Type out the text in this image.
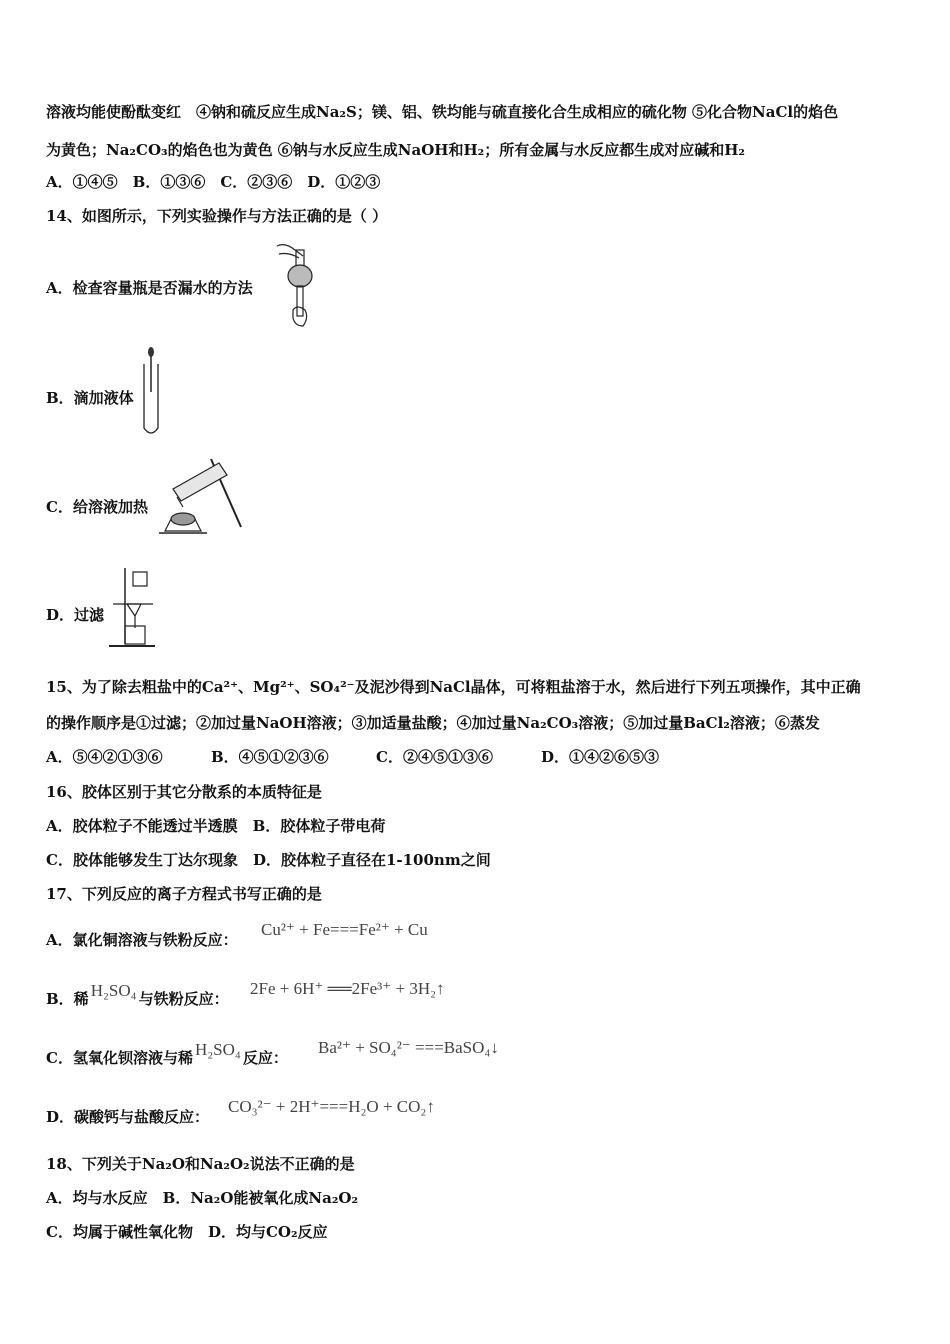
溶液均能使酚酞变红　④钠和硫反应生成Na₂S；镁、铝、铁均能与硫直接化合生成相应的硫化物 ⑤化合物NaCl的焰色
为黄色；Na₂CO₃的焰色也为黄色 ⑥钠与水反应生成NaOH和H₂；所有金属与水反应都生成对应碱和H₂
A．①④⑤　B．①③⑥　C．②③⑥　D．①②③
14、如图所示，下列实验操作与方法正确的是（ ）
A．检查容量瓶是否漏水的方法
B．滴加液体
C．给溶液加热
D．过滤
15、为了除去粗盐中的Ca²⁺、Mg²⁺、SO₄²⁻及泥沙得到NaCl晶体，可将粗盐溶于水，然后进行下列五项操作，其中正确
的操作顺序是①过滤；②加过量NaOH溶液；③加适量盐酸；④加过量Na₂CO₃溶液；⑤加过量BaCl₂溶液；⑥蒸发
A．⑤④②①③⑥	B．④⑤①②③⑥	C．②④⑤①③⑥	D．①④②⑥⑤③
16、胶体区别于其它分散系的本质特征是
A．胶体粒子不能透过半透膜　B．胶体粒子带电荷
C．胶体能够发生丁达尔现象　D．胶体粒子直径在1-100nm之间
17、下列反应的离子方程式书写正确的是
A．氯化铜溶液与铁粉反应：
Cu²⁺ + Fe===Fe²⁺ + Cu
B．稀 H₂SO₄ 与铁粉反应：
2Fe + 6H⁺ ══2Fe³⁺ + 3H₂↑
C．氢氧化钡溶液与稀 H₂SO₄ 反应：
Ba²⁺ + SO₄²⁻ ===BaSO₄↓
D．碳酸钙与盐酸反应：
CO₃²⁻ + 2H⁺===H₂O + CO₂↑
18、下列关于Na₂O和Na₂O₂说法不正确的是
A．均与水反应　B．Na₂O能被氧化成Na₂O₂
C．均属于碱性氧化物　D．均与CO₂反应
